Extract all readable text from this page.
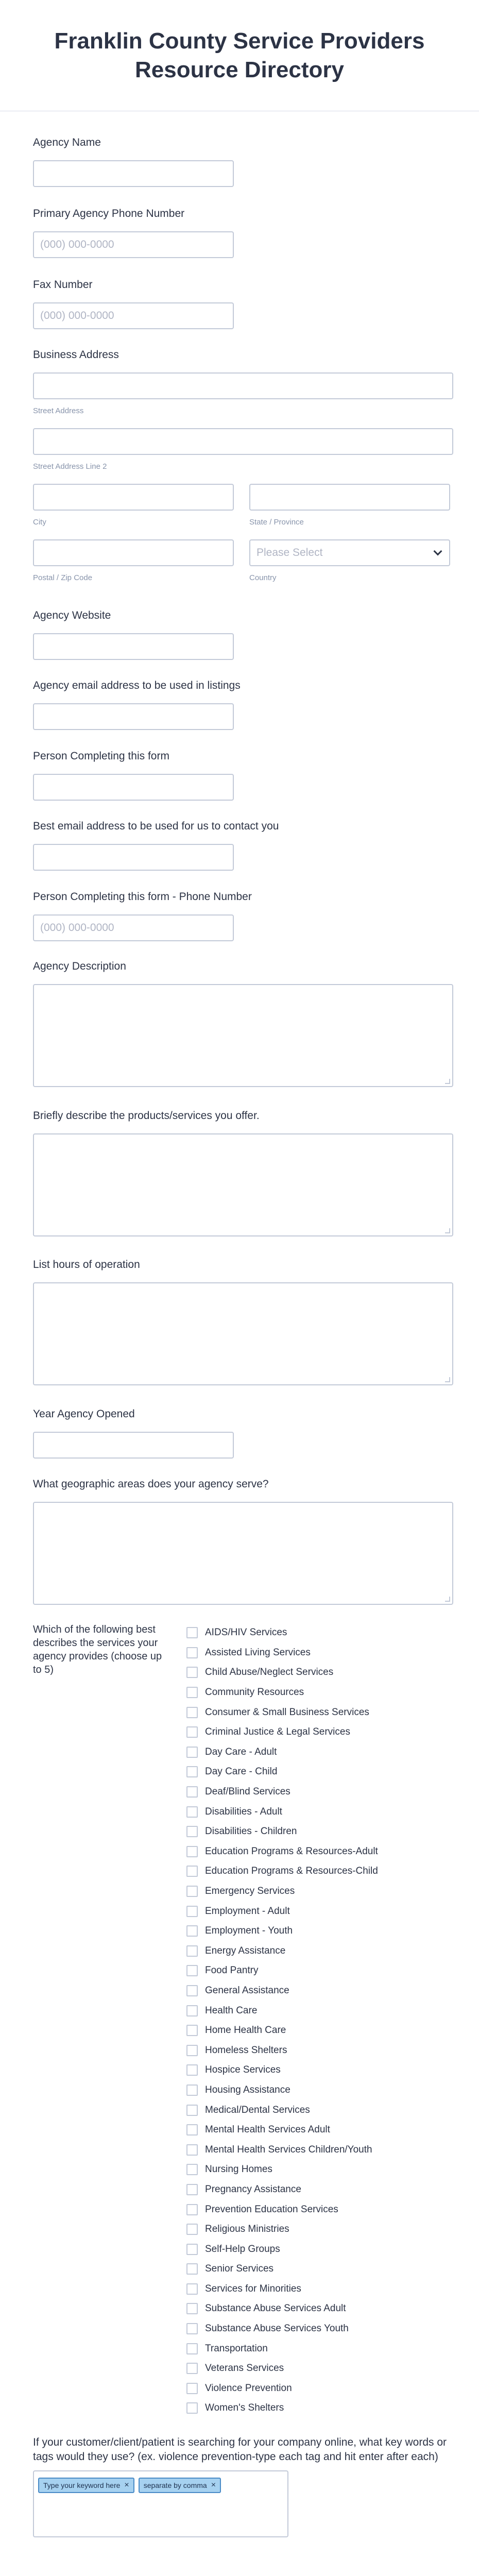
Franklin County Service Providers Resource Directory
Agency Name
Primary Agency Phone Number
(000) 000-0000
Fax Number
(000) 000-0000
Business Address
Street Address
Street Address Line 2
City	State / Province
Postal / Zip Code
Please Select
Country
Agency Website
Agency email address to be used in listings
Person Completing this form
Best email address to be used for us to contact you
Person Completing this form - Phone Number
(000) 000-0000
Agency Description
Briefly describe the products/services you offer.
List hours of operation
Year Agency Opened
What geographic areas does your agency serve?
Which of the following best describes the services your agency provides (choose up to 5)
AIDS/HIV Services
Assisted Living Services
Child Abuse/Neglect Services
Community Resources
Consumer & Small Business Services
Criminal Justice & Legal Services
Day Care - Adult
Day Care - Child
Deaf/Blind Services
Disabilities - Adult
Disabilities - Children
Education Programs & Resources-Adult
Education Programs & Resources-Child
Emergency Services
Employment - Adult
Employment - Youth
Energy Assistance
Food Pantry
General Assistance
Health Care
Home Health Care
Homeless Shelters
Hospice Services
Housing Assistance
Medical/Dental Services
Mental Health Services Adult
Mental Health Services Children/Youth
Nursing Homes
Pregnancy Assistance
Prevention Education Services
Religious Ministries
Self-Help Groups
Senior Services
Services for Minorities
Substance Abuse Services Adult
Substance Abuse Services Youth
Transportation
Veterans Services
Violence Prevention
Women's Shelters
If your customer/client/patient is searching for your company online, what key words or tags would they use? (ex. violence prevention-type each tag and hit enter after each)
Type your keyword here × separate by comma ×
